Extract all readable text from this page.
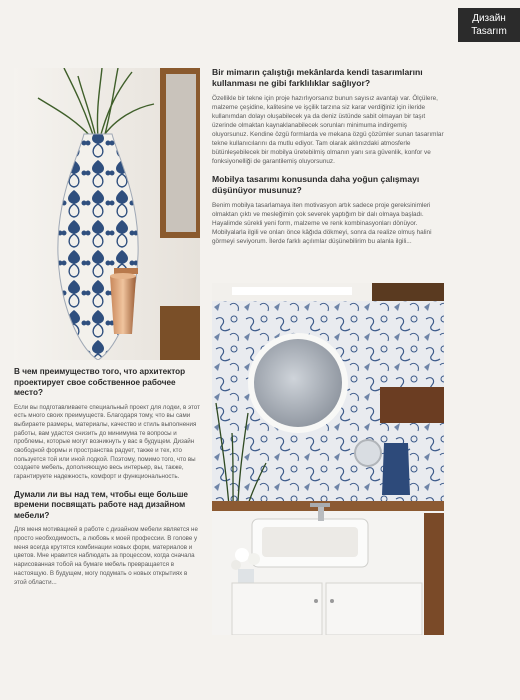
Дизайн
Tasarım
Bir mimarın çalıştığı mekânlarda kendi tasarımlarını kullanması ne gibi farklılıklar sağlıyor?

Özellikle bir tekne için proje hazırlıyorsanız bunun sayısız avantajı var. Ölçülere, malzeme çeşidine, kalitesine ve işçilik tarzına siz karar verdiğiniz için ileride kullanımdan dolayı oluşabilecek ya da deniz üstünde sabit olmayan bir taşıt üzerinde olmaktan kaynaklanabilecek sorunları minimuma indirgemiş oluyorsunuz. Kendine özgü formlarda ve mekana özgü çözümler sunan tasarımlar tekne kullanıcılarını da mutlu ediyor. Tam olarak aklınızdaki atmosferle bütünleşebilecek bir mobilya üretebilmiş olmanın yanı sıra güvenlik, konfor ve fonksiyonelliği de garantilemiş oluyorsunuz.

Mobilya tasarımı konusunda daha yoğun çalışmayı düşünüyor musunuz?

Benim mobilya tasarlamaya iten motivasyon artık sadece proje gereksinimleri olmaktan çıktı ve mesleğimin çok severek yaptığım bir dalı olmaya başladı. Hayalimde sürekli yeni form, malzeme ve renk kombinasyonları dönüyor. Mobilyalarla ilgili ve onları önce kâğıda dökmeyi, sonra da realize olmuş halini görmeyi seviyorum. İlerde farklı açılımlar düşünebilirim bu alanla ilgili...

В чем преимущество того, что архитектор проектирует свое собственное рабочее место?

Если вы подготавливаете специальный проект для лодки, в этот есть много своих преимуществ. Благодаря тому, что вы сами выбираете размеры, материалы, качество и стиль выполнения работы, вам удастся снизить до минимума те вопросы и проблемы, которые могут возникнуть у вас в будущем. Дизайн свободной формы и пространства радует, также и тех, кто пользуется той или иной лодкой. Поэтому, помимо того, что вы создаете мебель, дополняющую весь интерьер, вы, также, гарантируете надежность, комфорт и функциональность.

Думали ли вы над тем, чтобы еще больше времени посвящать работе над дизайном мебели?

Для меня мотивацией в работе с дизайном мебели является не просто необходимость, а любовь к моей профессии. В голове у меня всегда крутятся комбинации новых форм, материалов и цветов. Мне нравится наблюдать за процессом, когда сначала нарисованная тобой на бумаге мебель превращается в настоящую. В будущем, могу подумать о новых открытиях в этой области...
